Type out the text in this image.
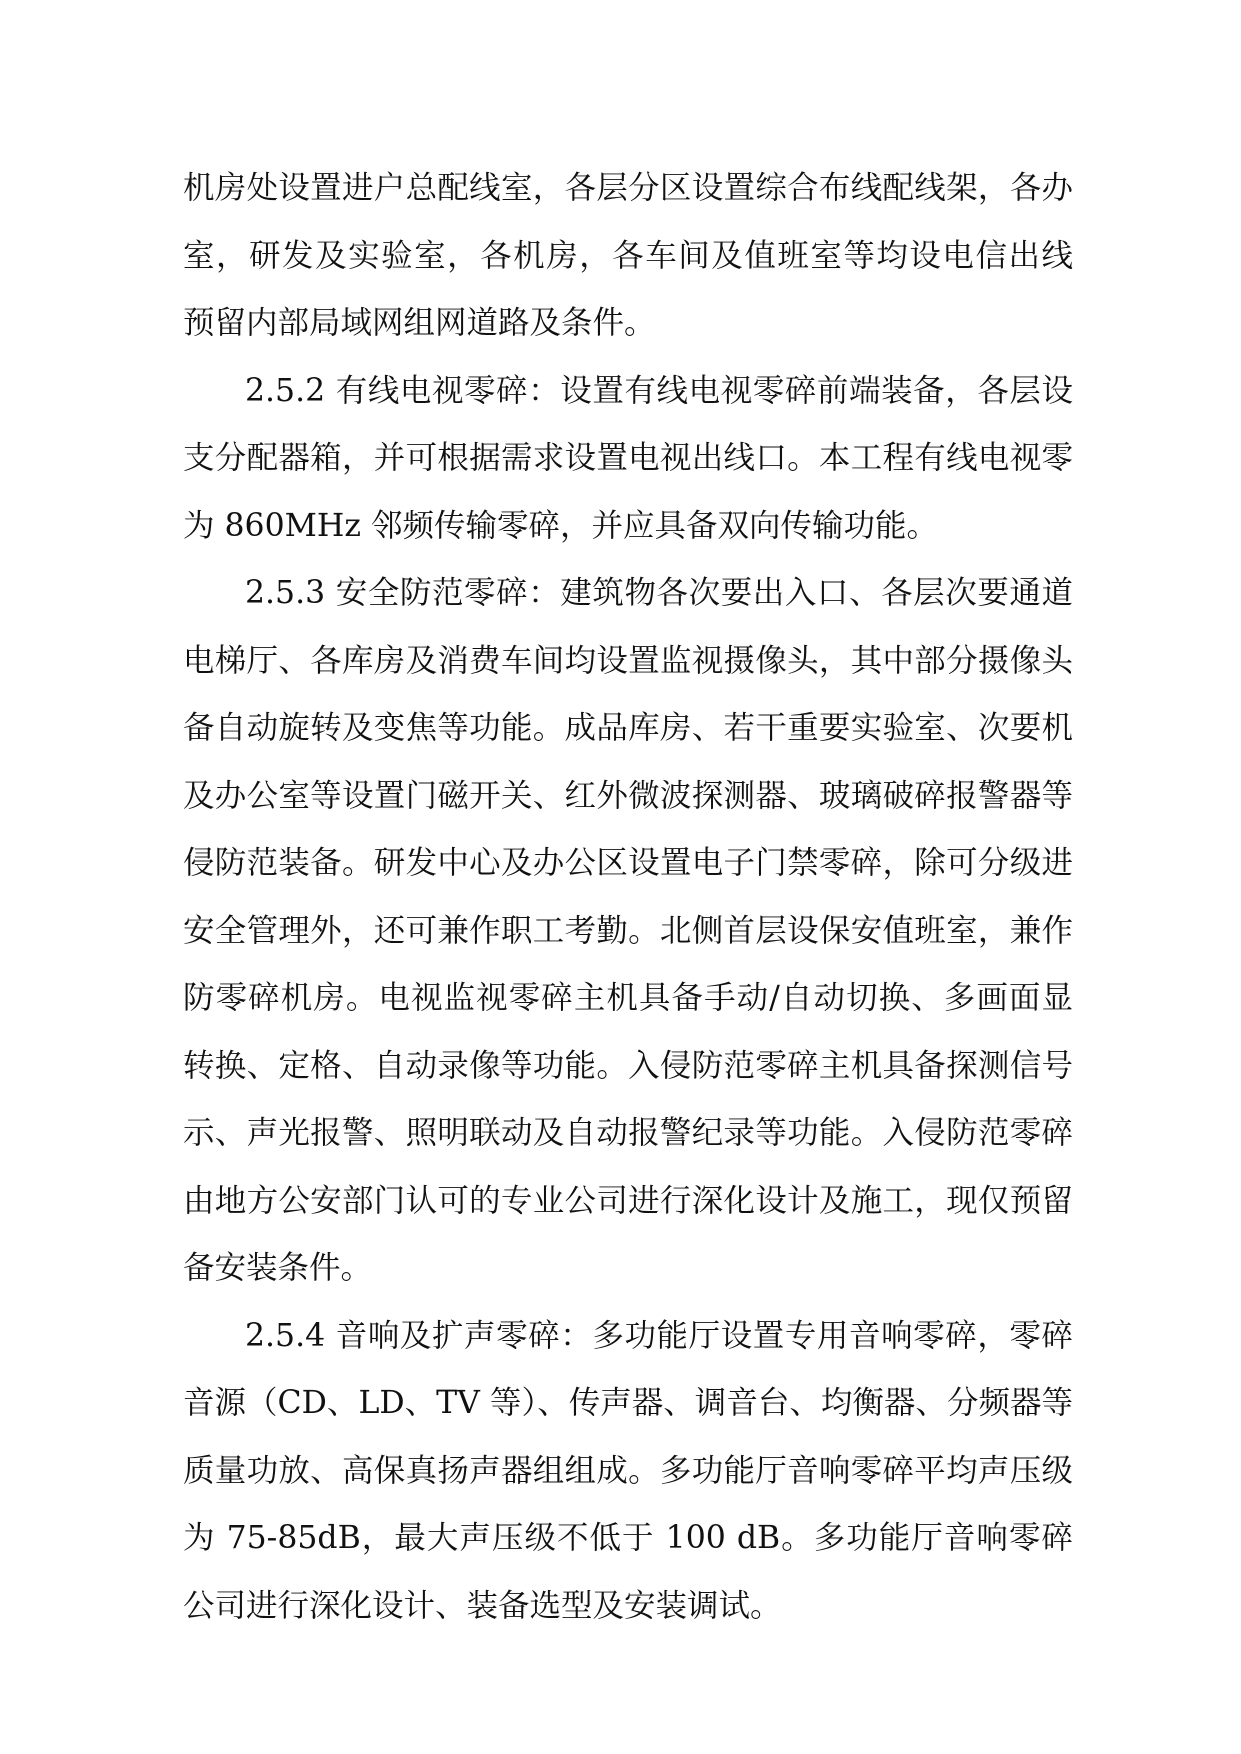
机房处设置进户总配线室，各层分区设置综合布线配线架，各办
室，研发及实验室，各机房，各车间及值班室等均设电信出线
预留内部局域网组网道路及条件。
2.5.2 有线电视零碎：设置有线电视零碎前端装备，各层设
支分配器箱，并可根据需求设置电视出线口。本工程有线电视零
为 860MHz 邻频传输零碎，并应具备双向传输功能。
2.5.3 安全防范零碎：建筑物各次要出入口、各层次要通道
电梯厅、各库房及消费车间均设置监视摄像头，其中部分摄像头
备自动旋转及变焦等功能。成品库房、若干重要实验室、次要机
及办公室等设置门磁开关、红外微波探测器、玻璃破碎报警器等
侵防范装备。研发中心及办公区设置电子门禁零碎，除可分级进
安全管理外，还可兼作职工考勤。北侧首层设保安值班室，兼作
防零碎机房。电视监视零碎主机具备手动/自动切换、多画面显
转换、定格、自动录像等功能。入侵防范零碎主机具备探测信号
示、声光报警、照明联动及自动报警纪录等功能。入侵防范零碎
由地方公安部门认可的专业公司进行深化设计及施工，现仅预留
备安装条件。
2.5.4 音响及扩声零碎：多功能厅设置专用音响零碎，零碎
音源（CD、LD、TV 等）、传声器、调音台、均衡器、分频器等
质量功放、高保真扬声器组组成。多功能厅音响零碎平均声压级
为 75-85dB，最大声压级不低于 100 dB。多功能厅音响零碎
公司进行深化设计、装备选型及安装调试。
